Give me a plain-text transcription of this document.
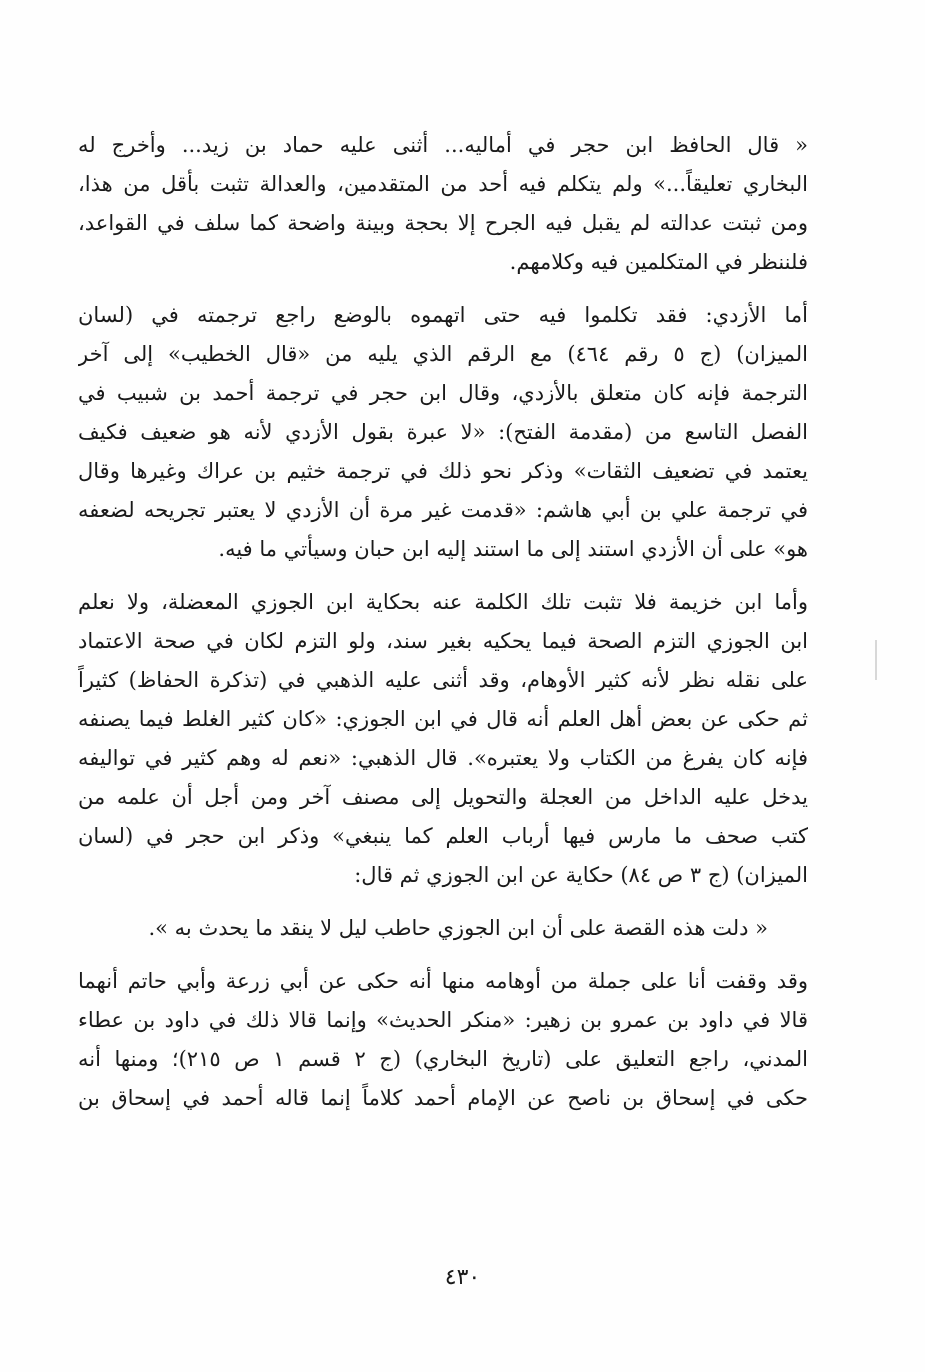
« قال الحافظ ابن حجر في أماليه... أثنى عليه حماد بن زيد... وأخرج له
البخاري تعليقاً...» ولم يتكلم فيه أحد من المتقدمين، والعدالة تثبت بأقل من هذا،
ومن ثبتت عدالته لم يقبل فيه الجرح إلا بحجة وبينة واضحة كما سلف في القواعد،
فلننظر في المتكلمين فيه وكلامهم.
أما الأزدي: فقد تكلموا فيه حتى اتهموه بالوضع راجع ترجمته في (لسان
الميزان) (ج ٥ رقم ٤٦٤) مع الرقم الذي يليه من «قال الخطيب» إلى آخر
الترجمة فإنه كان متعلق بالأزدي، وقال ابن حجر في ترجمة أحمد بن شبيب في
الفصل التاسع من (مقدمة الفتح): «لا عبرة بقول الأزدي لأنه هو ضعيف فكيف
يعتمد في تضعيف الثقات» وذكر نحو ذلك في ترجمة خثيم بن عراك وغيرها وقال
في ترجمة علي بن أبي هاشم: «قدمت غير مرة أن الأزدي لا يعتبر تجريحه لضعفه
هو» على أن الأزدي استند إلى ما استند إليه ابن حبان وسيأتي ما فيه.
وأما ابن خزيمة فلا تثبت تلك الكلمة عنه بحكاية ابن الجوزي المعضلة، ولا نعلم
ابن الجوزي التزم الصحة فيما يحكيه بغير سند، ولو التزم لكان في صحة الاعتماد
على نقله نظر لأنه كثير الأوهام، وقد أثنى عليه الذهبي في (تذكرة الحفاظ) كثيراً
ثم حكى عن بعض أهل العلم أنه قال في ابن الجوزي: «كان كثير الغلط فيما يصنفه
فإنه كان يفرغ من الكتاب ولا يعتبره». قال الذهبي: «نعم له وهم كثير في تواليفه
يدخل عليه الداخل من العجلة والتحويل إلى مصنف آخر ومن أجل أن علمه من
كتب صحف ما مارس فيها أرباب العلم كما ينبغي» وذكر ابن حجر في (لسان
الميزان) (ج ٣ ص ٨٤) حكاية عن ابن الجوزي ثم قال:
« دلت هذه القصة على أن ابن الجوزي حاطب ليل لا ينقد ما يحدث به ».
وقد وقفت أنا على جملة من أوهامه منها أنه حكى عن أبي زرعة وأبي حاتم أنهما
قالا في داود بن عمرو بن زهير: «منكر الحديث» وإنما قالا ذلك في داود بن عطاء
المدني، راجع التعليق على (تاريخ البخاري) (ج ٢ قسم ١ ص ٢١٥)؛ ومنها أنه
حكى في إسحاق بن ناصح عن الإمام أحمد كلاماً إنما قاله أحمد في إسحاق بن
٤٣٠
